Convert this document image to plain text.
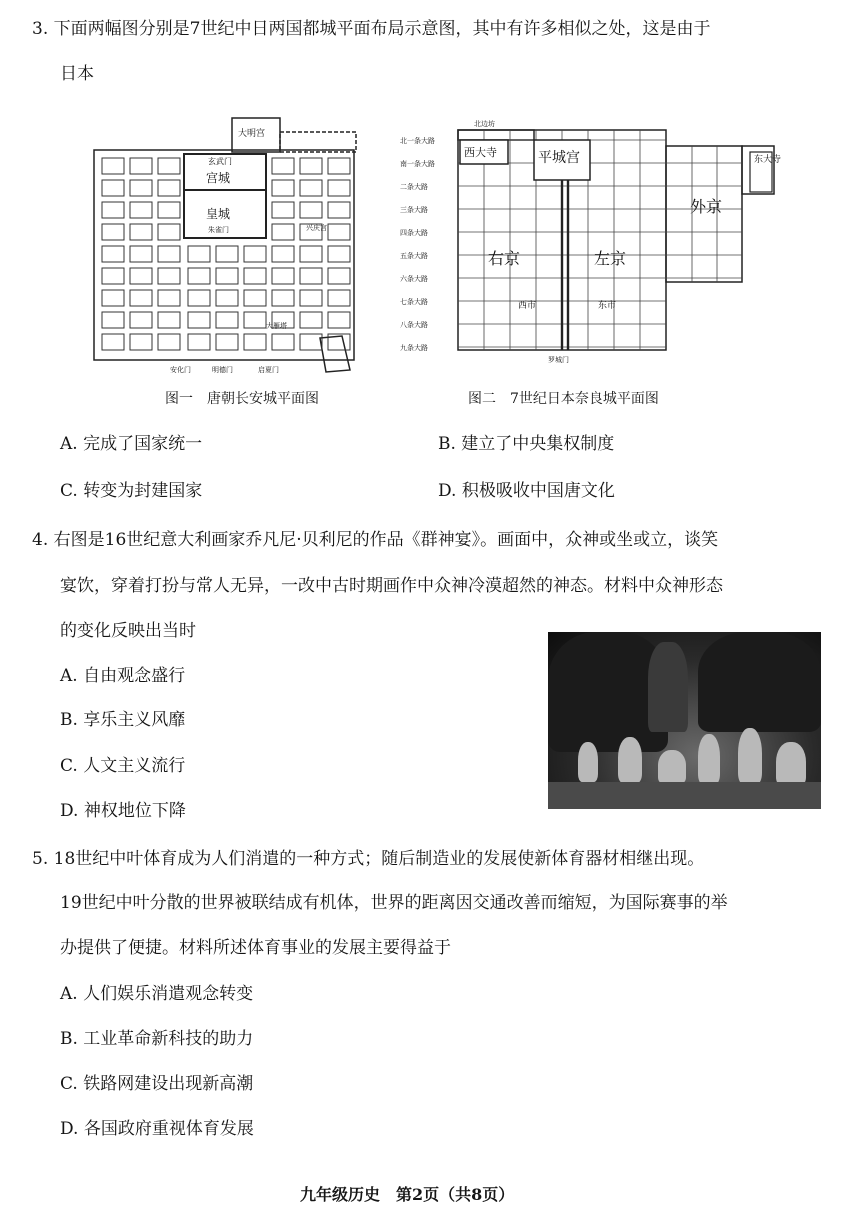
3. 下面两幅图分别是7世纪中日两国都城平面布局示意图，其中有许多相似之处，这是由于
日本
大明宫
玄武门
宫城
皇城
朱雀门	兴庆宫
大雁塔
安化门	明德门	启夏门
图一　唐朝长安城平面图
北一条大路
南一条大路
二条大路
三条大路
四条大路
五条大路
六条大路
七条大路
八条大路
九条大路
北边坊
西大寺	平城宫	东大寺
外京
右京	左京
西市	东市
罗城门
图二　7世纪日本奈良城平面图
A. 完成了国家统一	B. 建立了中央集权制度
C. 转变为封建国家	D. 积极吸收中国唐文化
4. 右图是16世纪意大利画家乔凡尼·贝利尼的作品《群神宴》。画面中，众神或坐或立，谈笑
宴饮，穿着打扮与常人无异，一改中古时期画作中众神冷漠超然的神态。材料中众神形态
的变化反映出当时
A. 自由观念盛行
B. 享乐主义风靡
C. 人文主义流行
D. 神权地位下降
5. 18世纪中叶体育成为人们消遣的一种方式；随后制造业的发展使新体育器材相继出现。
19世纪中叶分散的世界被联结成有机体，世界的距离因交通改善而缩短，为国际赛事的举
办提供了便捷。材料所述体育事业的发展主要得益于
A. 人们娱乐消遣观念转变
B. 工业革命新科技的助力
C. 铁路网建设出现新高潮
D. 各国政府重视体育发展
九年级历史　第2页（共8页）
